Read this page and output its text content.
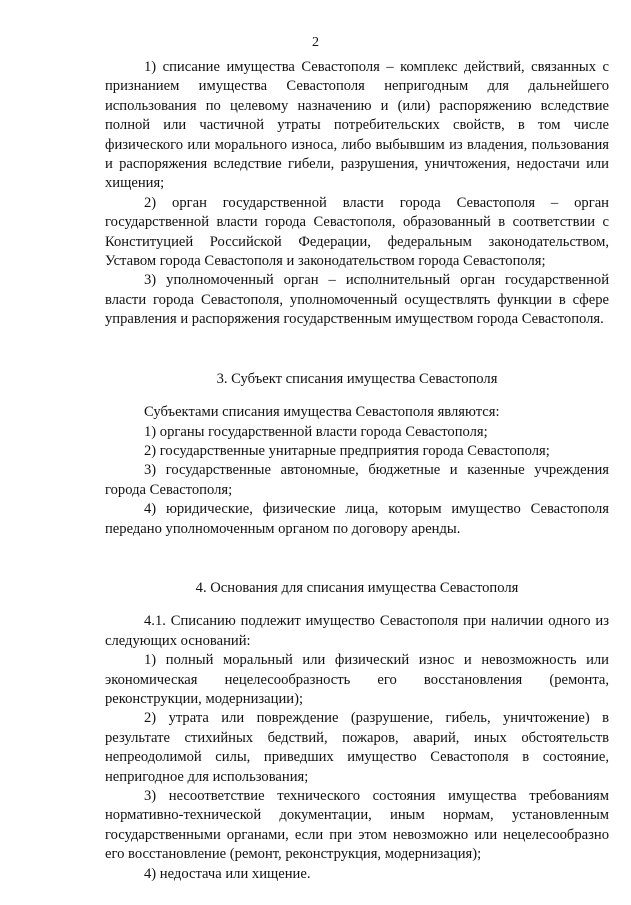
2

1) списание имущества Севастополя – комплекс действий, связанных с признанием имущества Севастополя непригодным для дальнейшего использования по целевому назначению и (или) распоряжению вследствие полной или частичной утраты потребительских свойств, в том числе физического или морального износа, либо выбывшим из владения, пользования и распоряжения вследствие гибели, разрушения, уничтожения, недостачи или хищения;

2) орган государственной власти города Севастополя – орган государственной власти города Севастополя, образованный в соответствии с Конституцией Российской Федерации, федеральным законодательством, Уставом города Севастополя и законодательством города Севастополя;

3) уполномоченный орган – исполнительный орган государственной власти города Севастополя, уполномоченный осуществлять функции в сфере управления и распоряжения государственным имуществом города Севастополя.

3. Субъект списания имущества Севастополя

Субъектами списания имущества Севастополя являются:

1) органы государственной власти города Севастополя;

2) государственные унитарные предприятия города Севастополя;

3) государственные автономные, бюджетные и казенные учреждения города Севастополя;

4) юридические, физические лица, которым имущество Севастополя передано уполномоченным органом по договору аренды.

4. Основания для списания имущества Севастополя

4.1. Списанию подлежит имущество Севастополя при наличии одного из следующих оснований:

1) полный моральный или физический износ и невозможность или экономическая нецелесообразность его восстановления (ремонта, реконструкции, модернизации);

2) утрата или повреждение (разрушение, гибель, уничтожение) в результате стихийных бедствий, пожаров, аварий, иных обстоятельств непреодолимой силы, приведших имущество Севастополя в состояние, непригодное для использования;

3) несоответствие технического состояния имущества требованиям нормативно-технической документации, иным нормам, установленным государственными органами, если при этом невозможно или нецелесообразно его восстановление (ремонт, реконструкция, модернизация);

4) недостача или хищение.
